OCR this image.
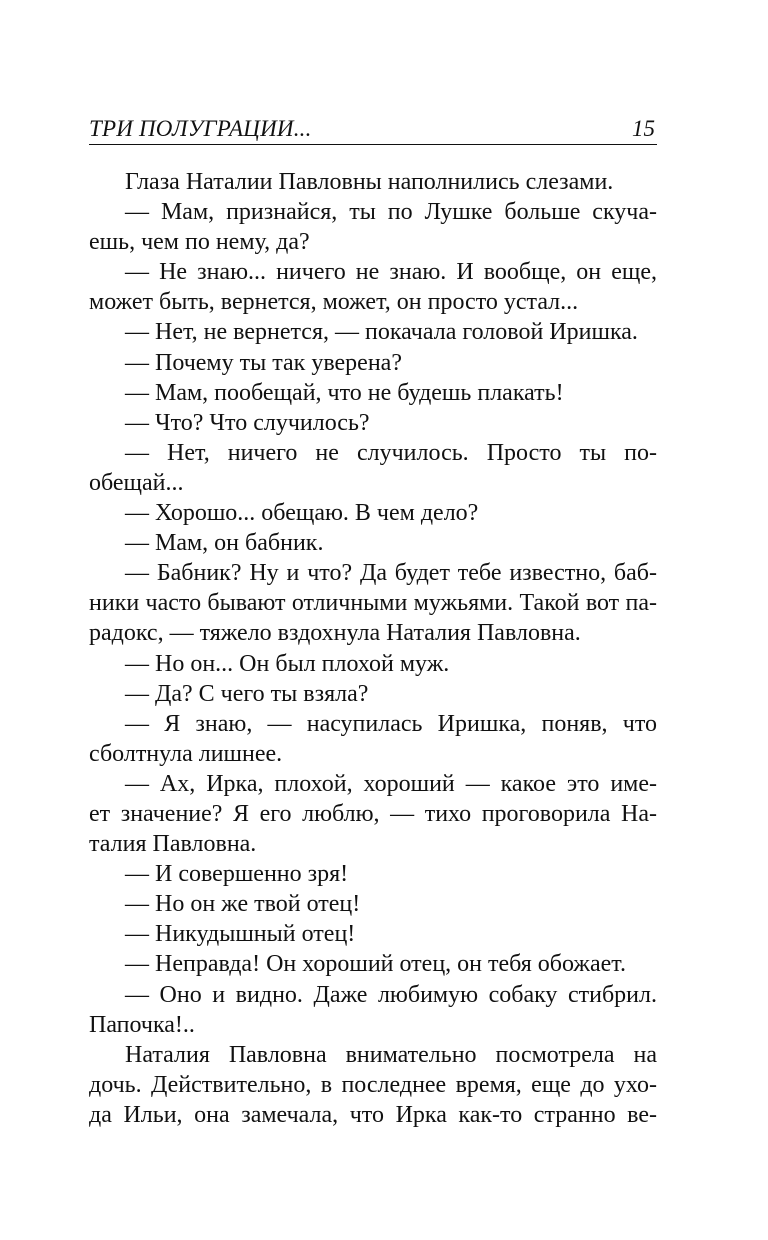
ТРИ ПОЛУГРАЦИИ...	15
Глаза Наталии Павловны наполнились слезами.
— Мам, признайся, ты по Лушке больше скуча-
ешь, чем по нему, да?
— Не знаю... ничего не знаю. И вообще, он еще,
может быть, вернется, может, он просто устал...
— Нет, не вернется, — покачала головой Иришка.
— Почему ты так уверена?
— Мам, пообещай, что не будешь плакать!
— Что? Что случилось?
— Нет, ничего не случилось. Просто ты по-
обещай...
— Хорошо... обещаю. В чем дело?
— Мам, он бабник.
— Бабник? Ну и что? Да будет тебе известно, баб-
ники часто бывают отличными мужьями. Такой вот па-
радокс, — тяжело вздохнула Наталия Павловна.
— Но он... Он был плохой муж.
— Да? С чего ты взяла?
— Я знаю, — насупилась Иришка, поняв, что
сболтнула лишнее.
— Ах, Ирка, плохой, хороший — какое это име-
ет значение? Я его люблю, — тихо проговорила На-
талия Павловна.
— И совершенно зря!
— Но он же твой отец!
— Никудышный отец!
— Неправда! Он хороший отец, он тебя обожает.
— Оно и видно. Даже любимую собаку стибрил.
Папочка!..
Наталия Павловна внимательно посмотрела на
дочь. Действительно, в последнее время, еще до ухо-
да Ильи, она замечала, что Ирка как-то странно ве-
